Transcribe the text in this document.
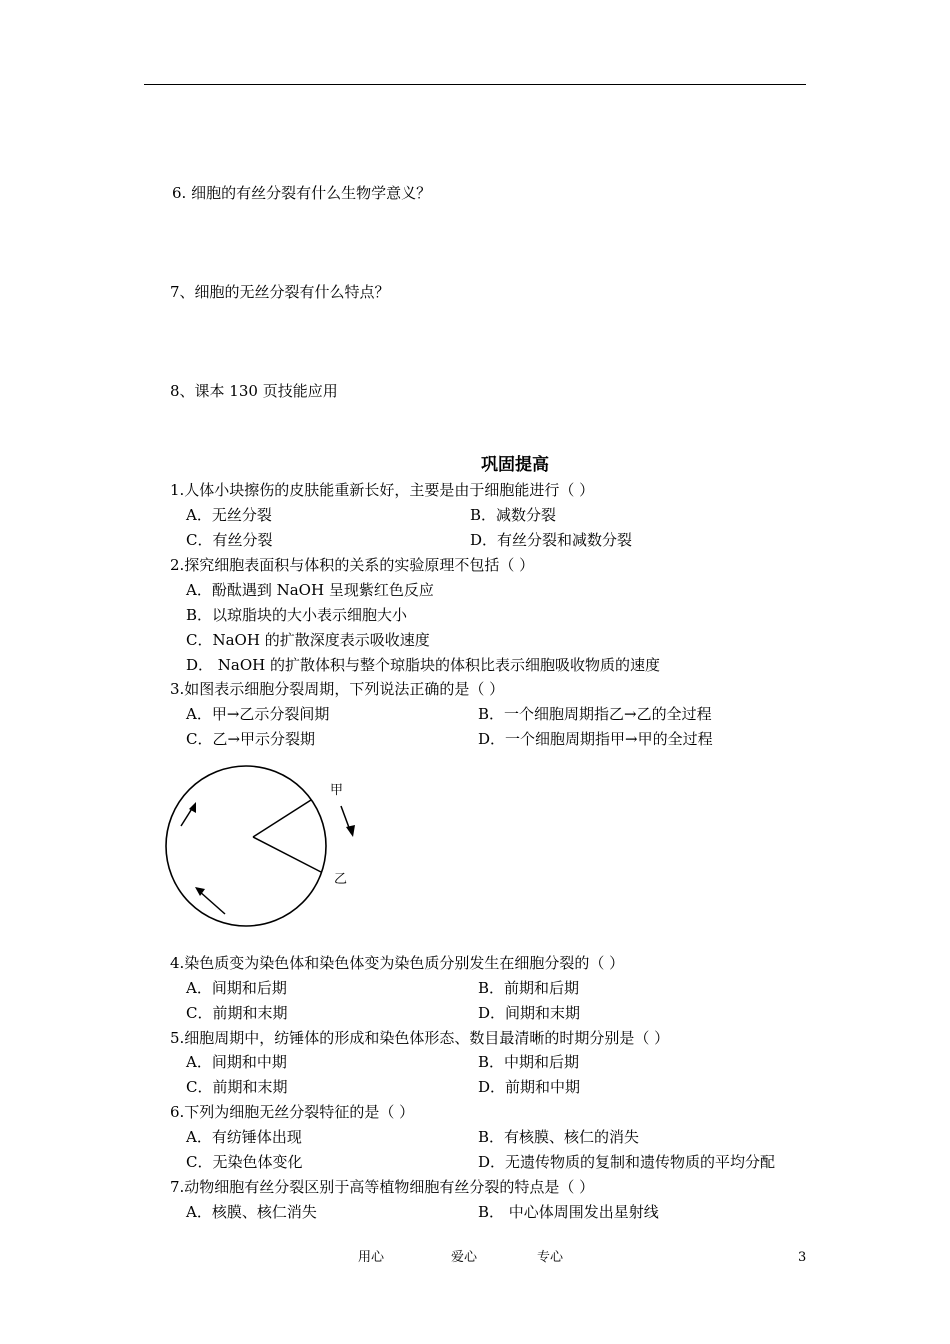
6. 细胞的有丝分裂有什么生物学意义？
7、细胞的无丝分裂有什么特点？
8、课本 130 页技能应用
巩固提高
1.人体小块擦伤的皮肤能重新长好，主要是由于细胞能进行（ ）
A．无丝分裂	B．减数分裂
C．有丝分裂	D．有丝分裂和减数分裂
2.探究细胞表面积与体积的关系的实验原理不包括（ ）
A．酚酞遇到 NaOH 呈现紫红色反应
B．以琼脂块的大小表示细胞大小
C．NaOH 的扩散深度表示吸收速度
D． NaOH 的扩散体积与整个琼脂块的体积比表示细胞吸收物质的速度
3.如图表示细胞分裂周期，下列说法正确的是（ ）
A．甲→乙示分裂间期	B．一个细胞周期指乙→乙的全过程
C．乙→甲示分裂期	D．一个细胞周期指甲→甲的全过程
甲
乙
4.染色质变为染色体和染色体变为染色质分别发生在细胞分裂的（ ）
A．间期和后期	B．前期和后期
C．前期和末期	D．间期和末期
5.细胞周期中，纺锤体的形成和染色体形态、数目最清晰的时期分别是（ ）
A．间期和中期	B．中期和后期
C．前期和末期	D．前期和中期
6.下列为细胞无丝分裂特征的是（ ）
A．有纺锤体出现	B．有核膜、核仁的消失
C．无染色体变化	D．无遗传物质的复制和遗传物质的平均分配
7.动物细胞有丝分裂区别于高等植物细胞有丝分裂的特点是（ ）
A．核膜、核仁消失	B． 中心体周围发出星射线
用心	爱心	专心	3
